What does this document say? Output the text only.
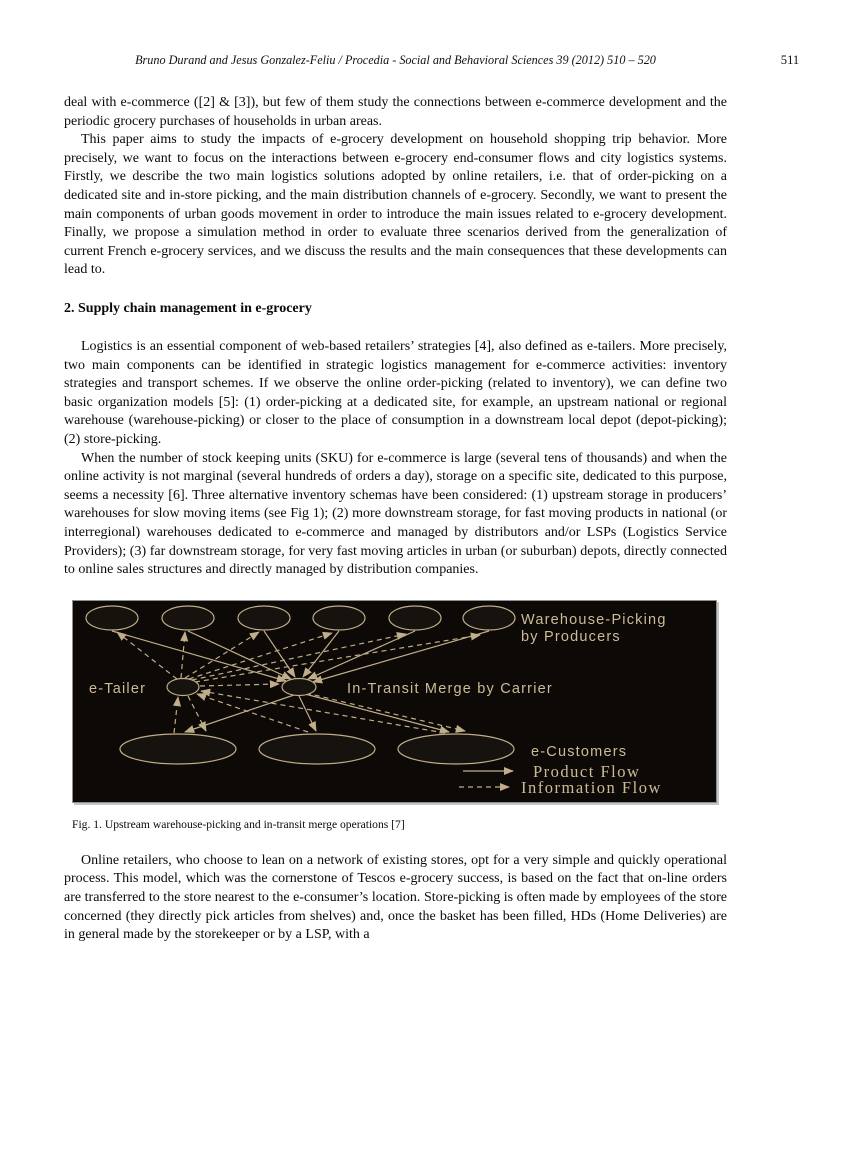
Bruno Durand and Jesus Gonzalez-Feliu / Procedia - Social and Behavioral Sciences 39 (2012) 510 – 520	511

deal with e-commerce ([2] & [3]), but few of them study the connections between e-commerce development and the periodic grocery purchases of households in urban areas.

This paper aims to study the impacts of e-grocery development on household shopping trip behavior. More precisely, we want to focus on the interactions between e-grocery end-consumer flows and city logistics systems. Firstly, we describe the two main logistics solutions adopted by online retailers, i.e. that of order-picking on a dedicated site and in-store picking, and the main distribution channels of e-grocery. Secondly, we want to present the main components of urban goods movement in order to introduce the main issues related to e-grocery development. Finally, we propose a simulation method in order to evaluate three scenarios derived from the generalization of current French e-grocery services, and we discuss the results and the main consequences that these developments can lead to.

2. Supply chain management in e-grocery

Logistics is an essential component of web-based retailers’ strategies [4], also defined as e-tailers. More precisely, two main components can be identified in strategic logistics management for e-commerce activities: inventory strategies and transport schemes. If we observe the online order-picking (related to inventory), we can define two basic organization models [5]: (1) order-picking at a dedicated site, for example, an upstream national or regional warehouse (warehouse-picking) or closer to the place of consumption in a downstream local depot (depot-picking); (2) store-picking.

When the number of stock keeping units (SKU) for e-commerce is large (several tens of thousands) and when the online activity is not marginal (several hundreds of orders a day), storage on a specific site, dedicated to this purpose, seems a necessity [6]. Three alternative inventory schemas have been considered: (1) upstream storage in producers’ warehouses for slow moving items (see Fig 1); (2) more downstream storage, for fast moving products in national (or interregional) warehouses dedicated to e-commerce and managed by distributors and/or LSPs (Logistics Service Providers); (3) far downstream storage, for very fast moving articles in urban (or suburban) depots, directly connected to online sales structures and directly managed by distribution companies.

Warehouse-Picking
by Producers
e-Tailer	In-Transit Merge by Carrier
e-Customers
Product Flow
Information Flow
Fig. 1. Upstream warehouse-picking and in-transit merge operations [7]

Online retailers, who choose to lean on a network of existing stores, opt for a very simple and quickly operational process. This model, which was the cornerstone of Tescos e-grocery success, is based on the fact that on-line orders are transferred to the store nearest to the e-consumer’s location. Store-picking is often made by employees of the store concerned (they directly pick articles from shelves) and, once the basket has been filled, HDs (Home Deliveries) are in general made by the storekeeper or by a LSP, with a
